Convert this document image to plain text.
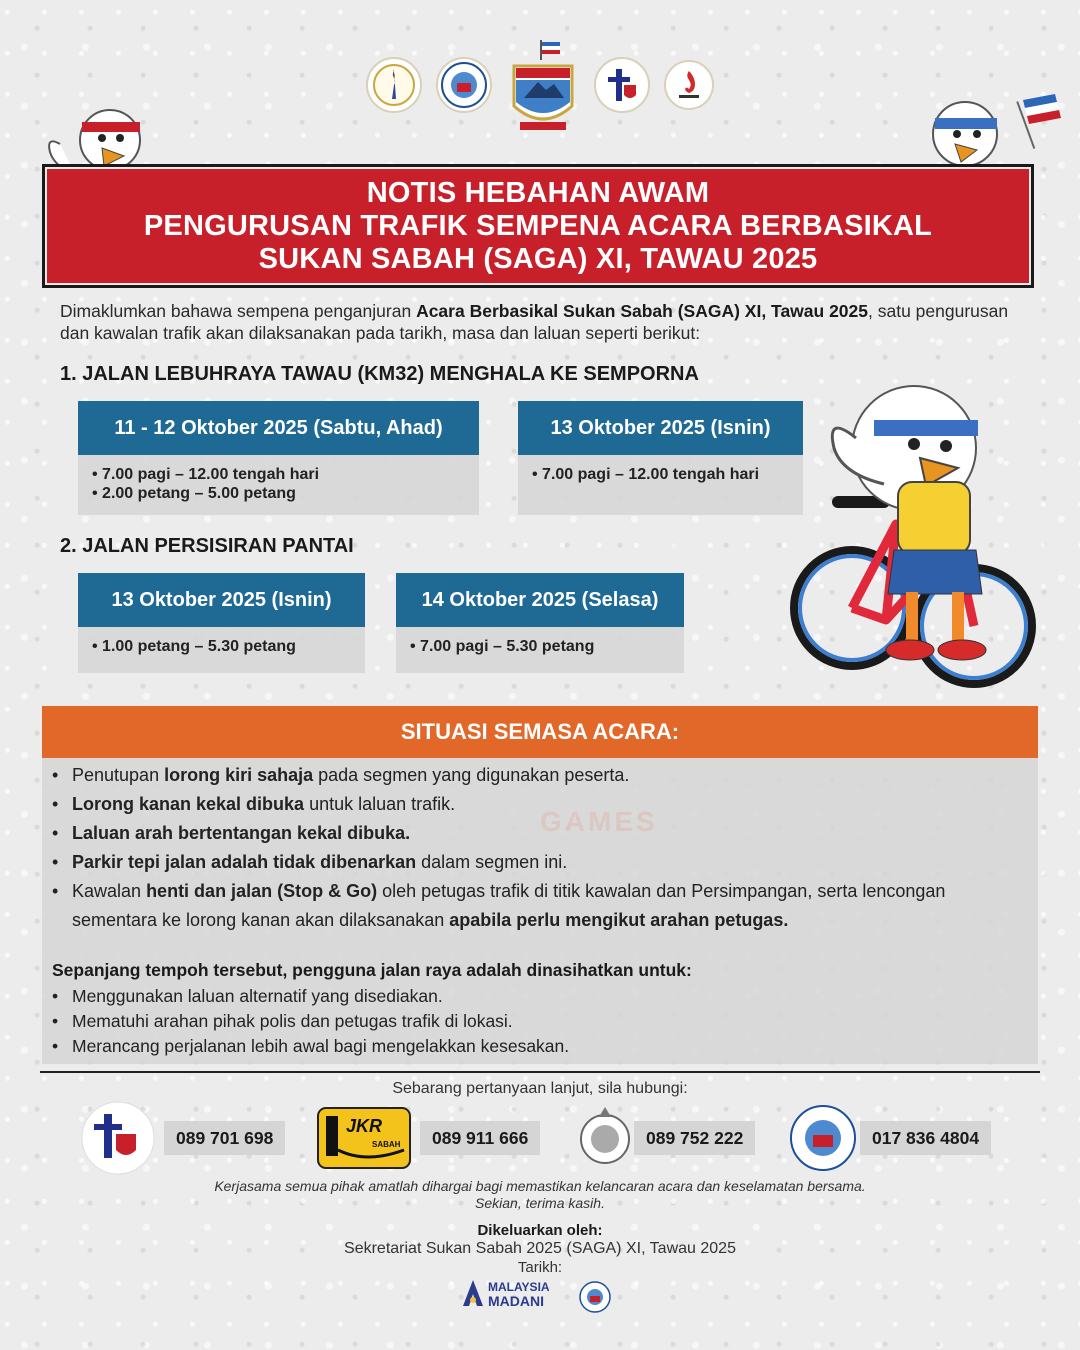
NOTIS HEBAHAN AWAM
PENGURUSAN TRAFIK SEMPENA ACARA BERBASIKAL
SUKAN SABAH (SAGA) XI, TAWAU 2025
Dimaklumkan bahawa sempena penganjuran Acara Berbasikal Sukan Sabah (SAGA) XI, Tawau 2025, satu pengurusan dan kawalan trafik akan dilaksanakan pada tarikh, masa dan laluan seperti berikut:
1. JALAN LEBUHRAYA TAWAU (KM32) MENGHALA KE SEMPORNA
11 - 12 Oktober 2025 (Sabtu, Ahad)
• 7.00 pagi – 12.00 tengah hari
• 2.00 petang – 5.00 petang
13 Oktober 2025 (Isnin)
• 7.00 pagi – 12.00 tengah hari
2. JALAN PERSISIRAN PANTAI
13 Oktober 2025 (Isnin)
• 1.00 petang – 5.30 petang
14 Oktober 2025 (Selasa)
• 7.00 pagi – 5.30 petang
SITUASI SEMASA ACARA:
GAMES
• Penutupan lorong kiri sahaja pada segmen yang digunakan peserta.
• Lorong kanan kekal dibuka untuk laluan trafik.
• Laluan arah bertentangan kekal dibuka.
• Parkir tepi jalan adalah tidak dibenarkan dalam segmen ini.
• Kawalan henti dan jalan (Stop & Go) oleh petugas trafik di titik kawalan dan Persimpangan, serta lencongan sementara ke lorong kanan akan dilaksanakan apabila perlu mengikut arahan petugas.
Sepanjang tempoh tersebut, pengguna jalan raya adalah dinasihatkan untuk:
• Menggunakan laluan alternatif yang disediakan.
• Mematuhi arahan pihak polis dan petugas trafik di lokasi.
• Merancang perjalanan lebih awal bagi mengelakkan kesesakan.
Sebarang pertanyaan lanjut, sila hubungi:
089 701 698
JKR
SABAH	089 911 666	089 752 222	017 836 4804
Kerjasama semua pihak amatlah dihargai bagi memastikan kelancaran acara dan keselamatan bersama.
Sekian, terima kasih.
Dikeluarkan oleh:
Sekretariat Sukan Sabah 2025 (SAGA) XI, Tawau 2025
Tarikh:
MALAYSIA
MADANI
